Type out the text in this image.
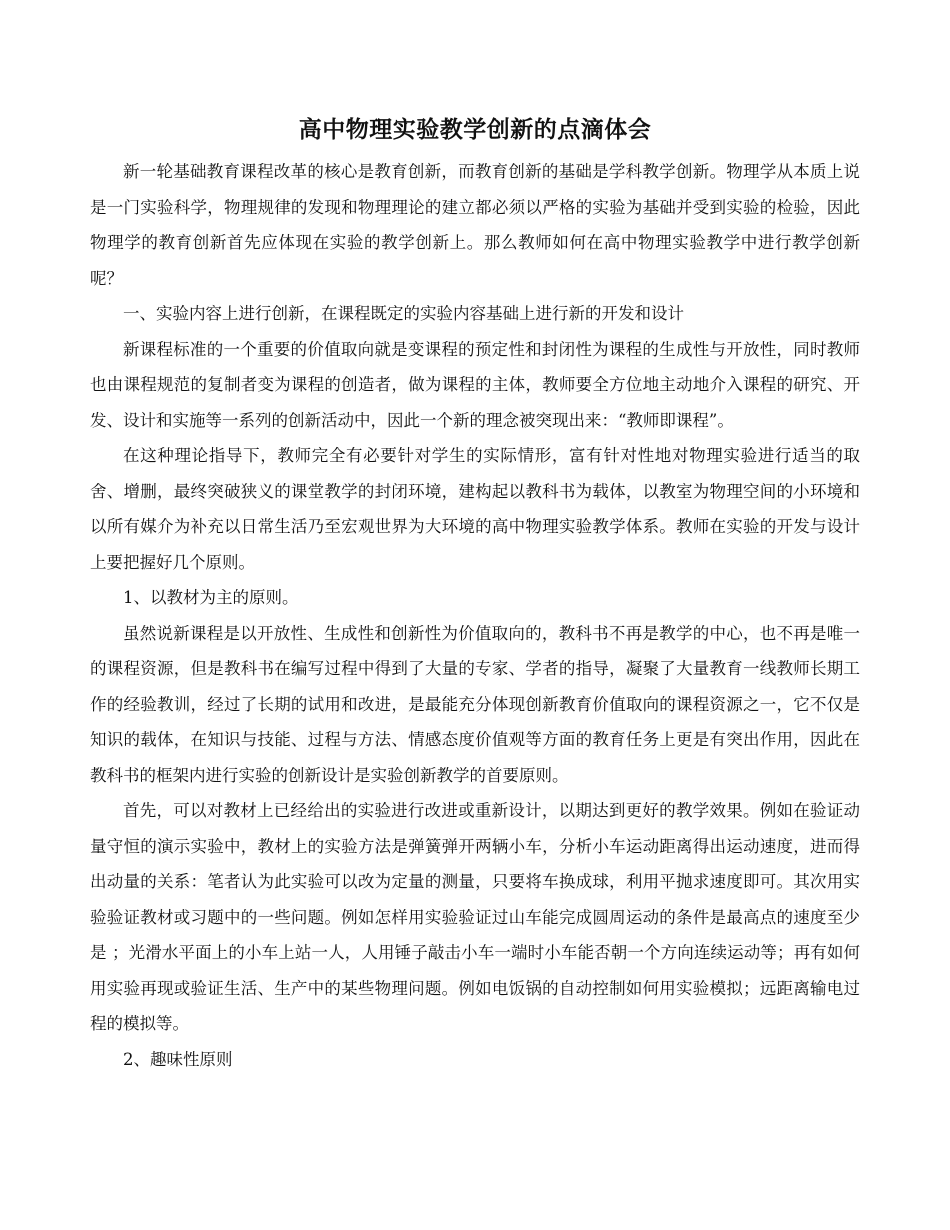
高中物理实验教学创新的点滴体会

新一轮基础教育课程改革的核心是教育创新，而教育创新的基础是学科教学创新。物理学从本质上说是一门实验科学，物理规律的发现和物理理论的建立都必须以严格的实验为基础并受到实验的检验，因此物理学的教育创新首先应体现在实验的教学创新上。那么教师如何在高中物理实验教学中进行教学创新呢？

一、实验内容上进行创新，在课程既定的实验内容基础上进行新的开发和设计

新课程标准的一个重要的价值取向就是变课程的预定性和封闭性为课程的生成性与开放性，同时教师也由课程规范的复制者变为课程的创造者，做为课程的主体，教师要全方位地主动地介入课程的研究、开发、设计和实施等一系列的创新活动中，因此一个新的理念被突现出来：“教师即课程”。

在这种理论指导下，教师完全有必要针对学生的实际情形，富有针对性地对物理实验进行适当的取舍、增删，最终突破狭义的课堂教学的封闭环境，建构起以教科书为载体，以教室为物理空间的小环境和以所有媒介为补充以日常生活乃至宏观世界为大环境的高中物理实验教学体系。教师在实验的开发与设计上要把握好几个原则。

1、以教材为主的原则。

虽然说新课程是以开放性、生成性和创新性为价值取向的，教科书不再是教学的中心，也不再是唯一的课程资源，但是教科书在编写过程中得到了大量的专家、学者的指导，凝聚了大量教育一线教师长期工作的经验教训，经过了长期的试用和改进，是最能充分体现创新教育价值取向的课程资源之一，它不仅是知识的载体，在知识与技能、过程与方法、情感态度价值观等方面的教育任务上更是有突出作用，因此在教科书的框架内进行实验的创新设计是实验创新教学的首要原则。

首先，可以对教材上已经给出的实验进行改进或重新设计，以期达到更好的教学效果。例如在验证动量守恒的演示实验中，教材上的实验方法是弹簧弹开两辆小车，分析小车运动距离得出运动速度，进而得出动量的关系：笔者认为此实验可以改为定量的测量，只要将车换成球，利用平抛求速度即可。其次用实验验证教材或习题中的一些问题。例如怎样用实验验证过山车能完成圆周运动的条件是最高点的速度至少是 ；光滑水平面上的小车上站一人，人用锤子敲击小车一端时小车能否朝一个方向连续运动等；再有如何用实验再现或验证生活、生产中的某些物理问题。例如电饭锅的自动控制如何用实验模拟；远距离输电过程的模拟等。

2、趣味性原则
